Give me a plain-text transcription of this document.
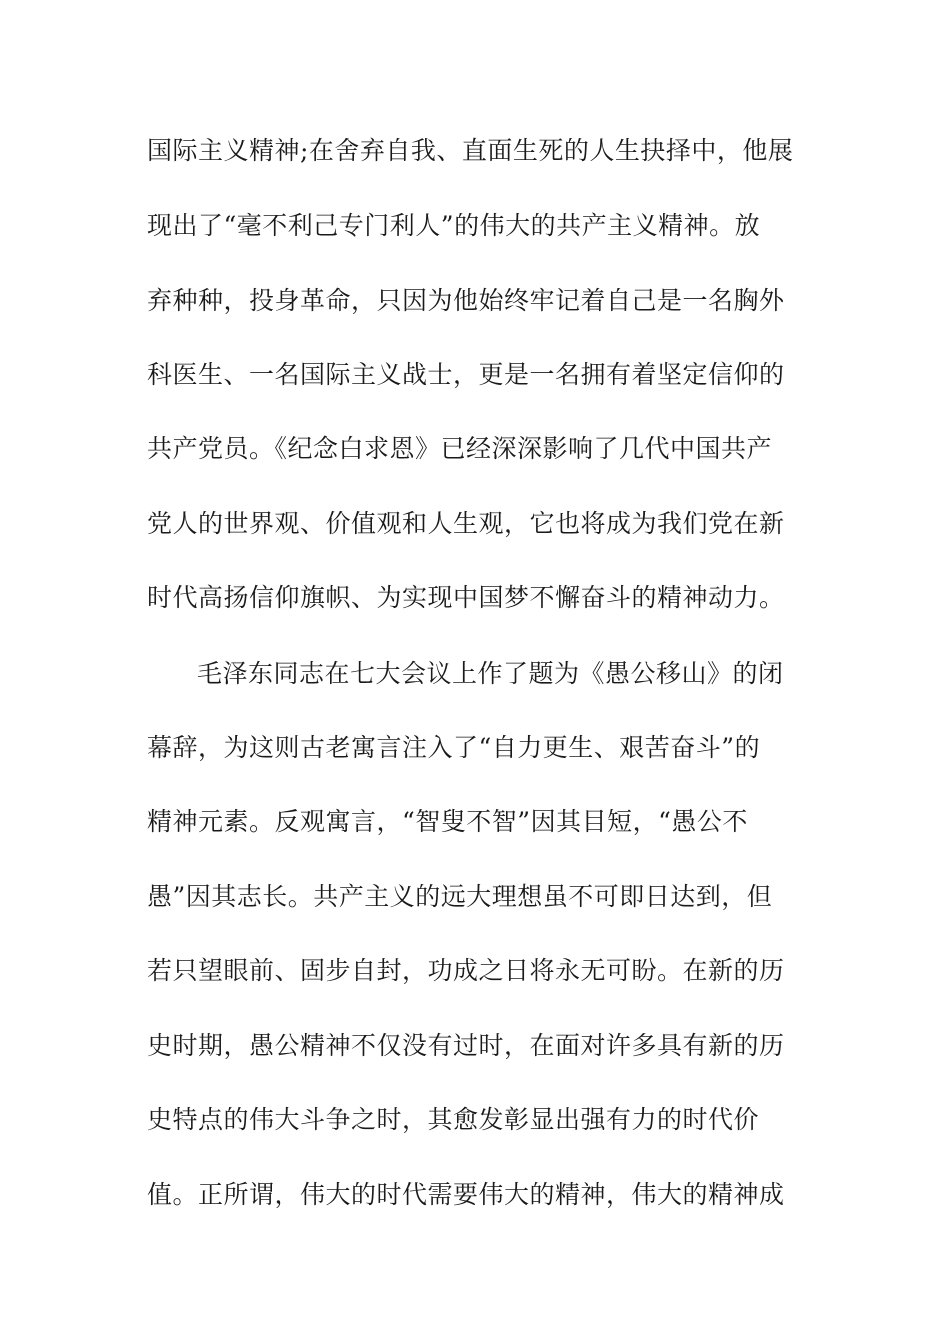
国际主义精神;在舍弃自我、直面生死的人生抉择中，他展
现出了“毫不利己专门利人”的伟大的共产主义精神。放
弃种种，投身革命，只因为他始终牢记着自己是一名胸外
科医生、一名国际主义战士，更是一名拥有着坚定信仰的
共产党员。《纪念白求恩》已经深深影响了几代中国共产
党人的世界观、价值观和人生观，它也将成为我们党在新
时代高扬信仰旗帜、为实现中国梦不懈奋斗的精神动力。
毛泽东同志在七大会议上作了题为《愚公移山》的闭
幕辞，为这则古老寓言注入了“自力更生、艰苦奋斗”的
精神元素。反观寓言，“智叟不智”因其目短，“愚公不
愚”因其志长。共产主义的远大理想虽不可即日达到，但
若只望眼前、固步自封，功成之日将永无可盼。在新的历
史时期，愚公精神不仅没有过时，在面对许多具有新的历
史特点的伟大斗争之时，其愈发彰显出强有力的时代价
值。正所谓，伟大的时代需要伟大的精神，伟大的精神成
